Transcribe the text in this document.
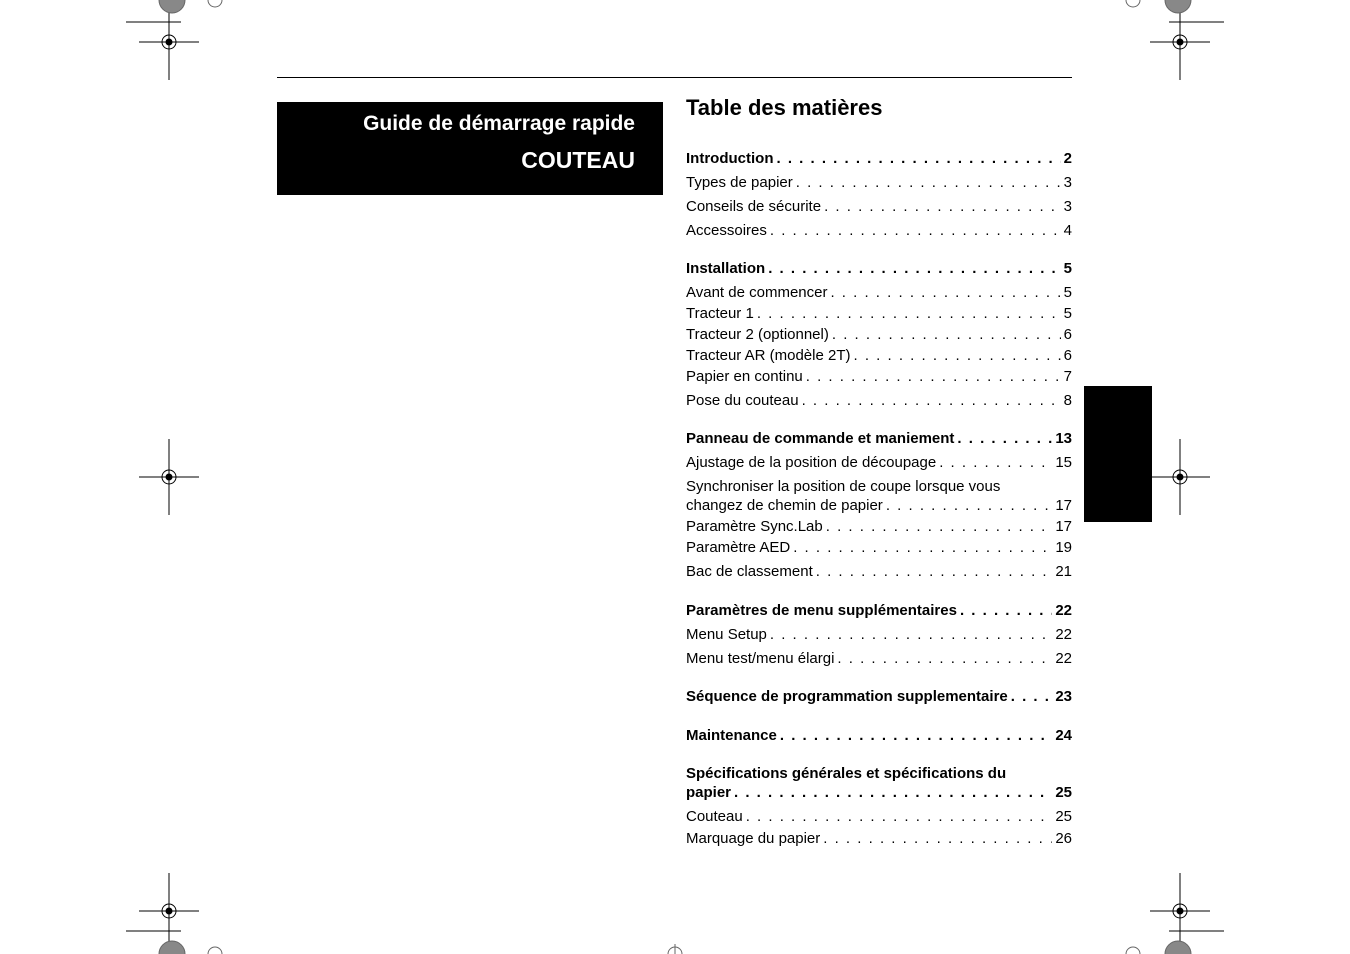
Guide de démarrage rapide
COUTEAU
Table des matières
Introduction . . .	2
Types de papier . . .	3
Conseils de sécurite . . .	3
Accessoires . . .	4
Installation . . .	5
Avant de commencer . . .	5
Tracteur 1 . . .	5
Tracteur 2 (optionnel) . . .	6
Tracteur AR (modèle 2T) . . .	6
Papier en continu . . .	7
Pose du couteau . . .	8
Panneau de commande et maniement . . .	13
Ajustage de la position de découpage . . .	15
Synchroniser la position de coupe lorsque vous
changez de chemin de papier . . .	17
Paramètre Sync.Lab . . .	17
Paramètre AED . . .	19
Bac de classement . . .	21
Paramètres de menu supplémentaires . . .	22
Menu Setup . . .	22
Menu test/menu élargi . . .	22
Séquence de programmation supplementaire . . .	23
Maintenance . . .	24
Spécifications générales et spécifications du
papier . . .	25
Couteau . . .	25
Marquage du papier . . .	26
